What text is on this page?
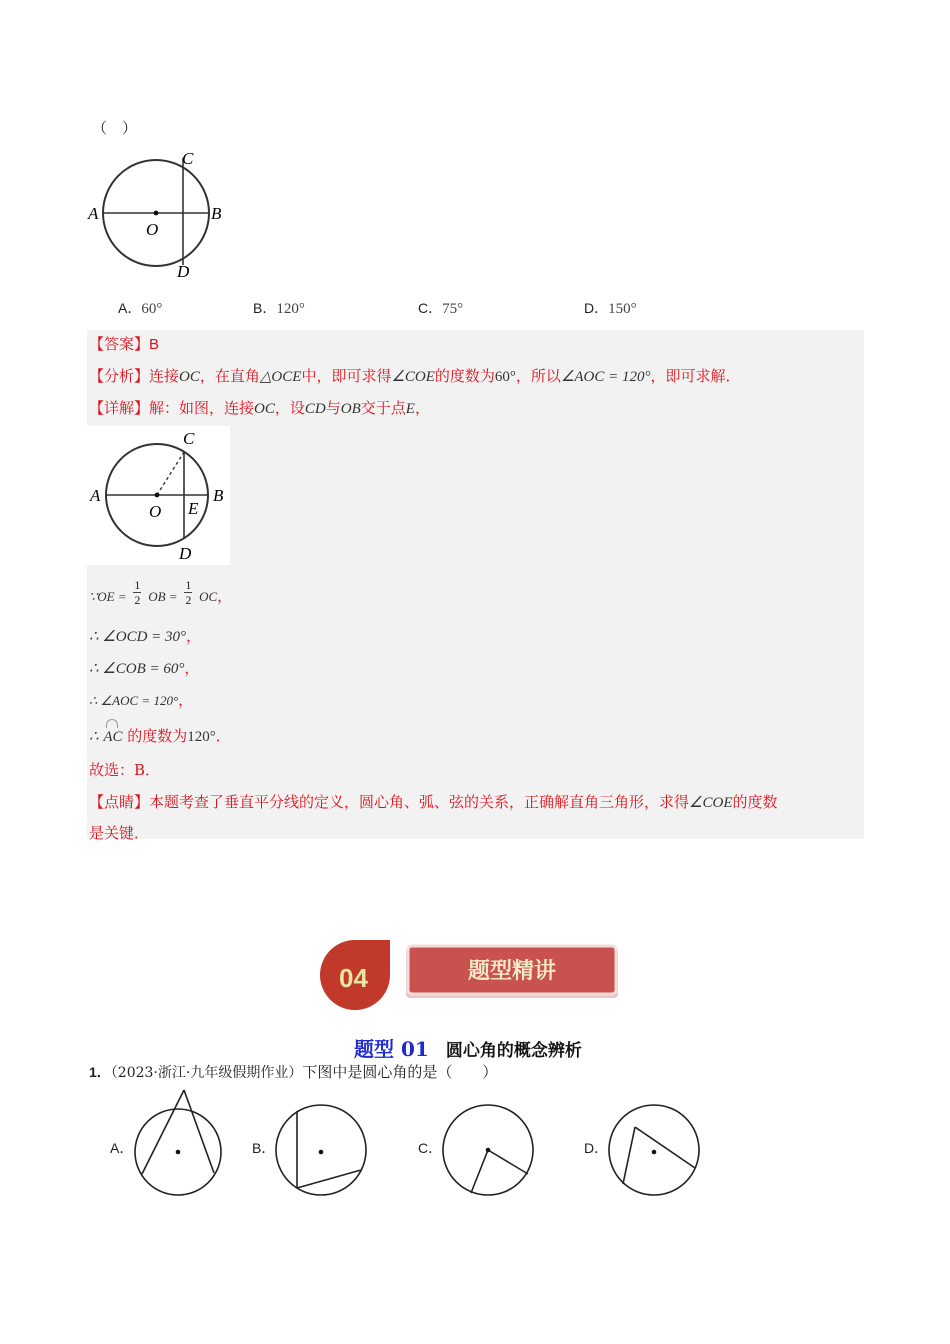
（　）
C
A	B
O
D
A．60°	B．120°	C．75°	D．150°
【答案】B
【分析】连接OC，在直角△OCE中，即可求得∠COE的度数为60°，所以∠AOC = 120°，即可求解．
【详解】解：如图，连接OC，设CD与OB交于点E，
C
A	B
O E
D
∵OE = $\frac{1}{2}$ OB = $\frac{1}{2}$ OC，
∴ ∠OCD = 30°，
∴ ∠COB = 60°，
∴ ∠AOC = 120°，
∴ AC 的度数为120°．
故选：B．
【点睛】本题考查了垂直平分线的定义，圆心角、弧、弦的关系，正确解直角三角形，求得∠COE的度数
是关键．
04	题型精讲
题型 01 圆心角的概念辨析
1．（2023·浙江·九年级假期作业）下图中是圆心角的是（　　）
A．	B．	C．	D．
